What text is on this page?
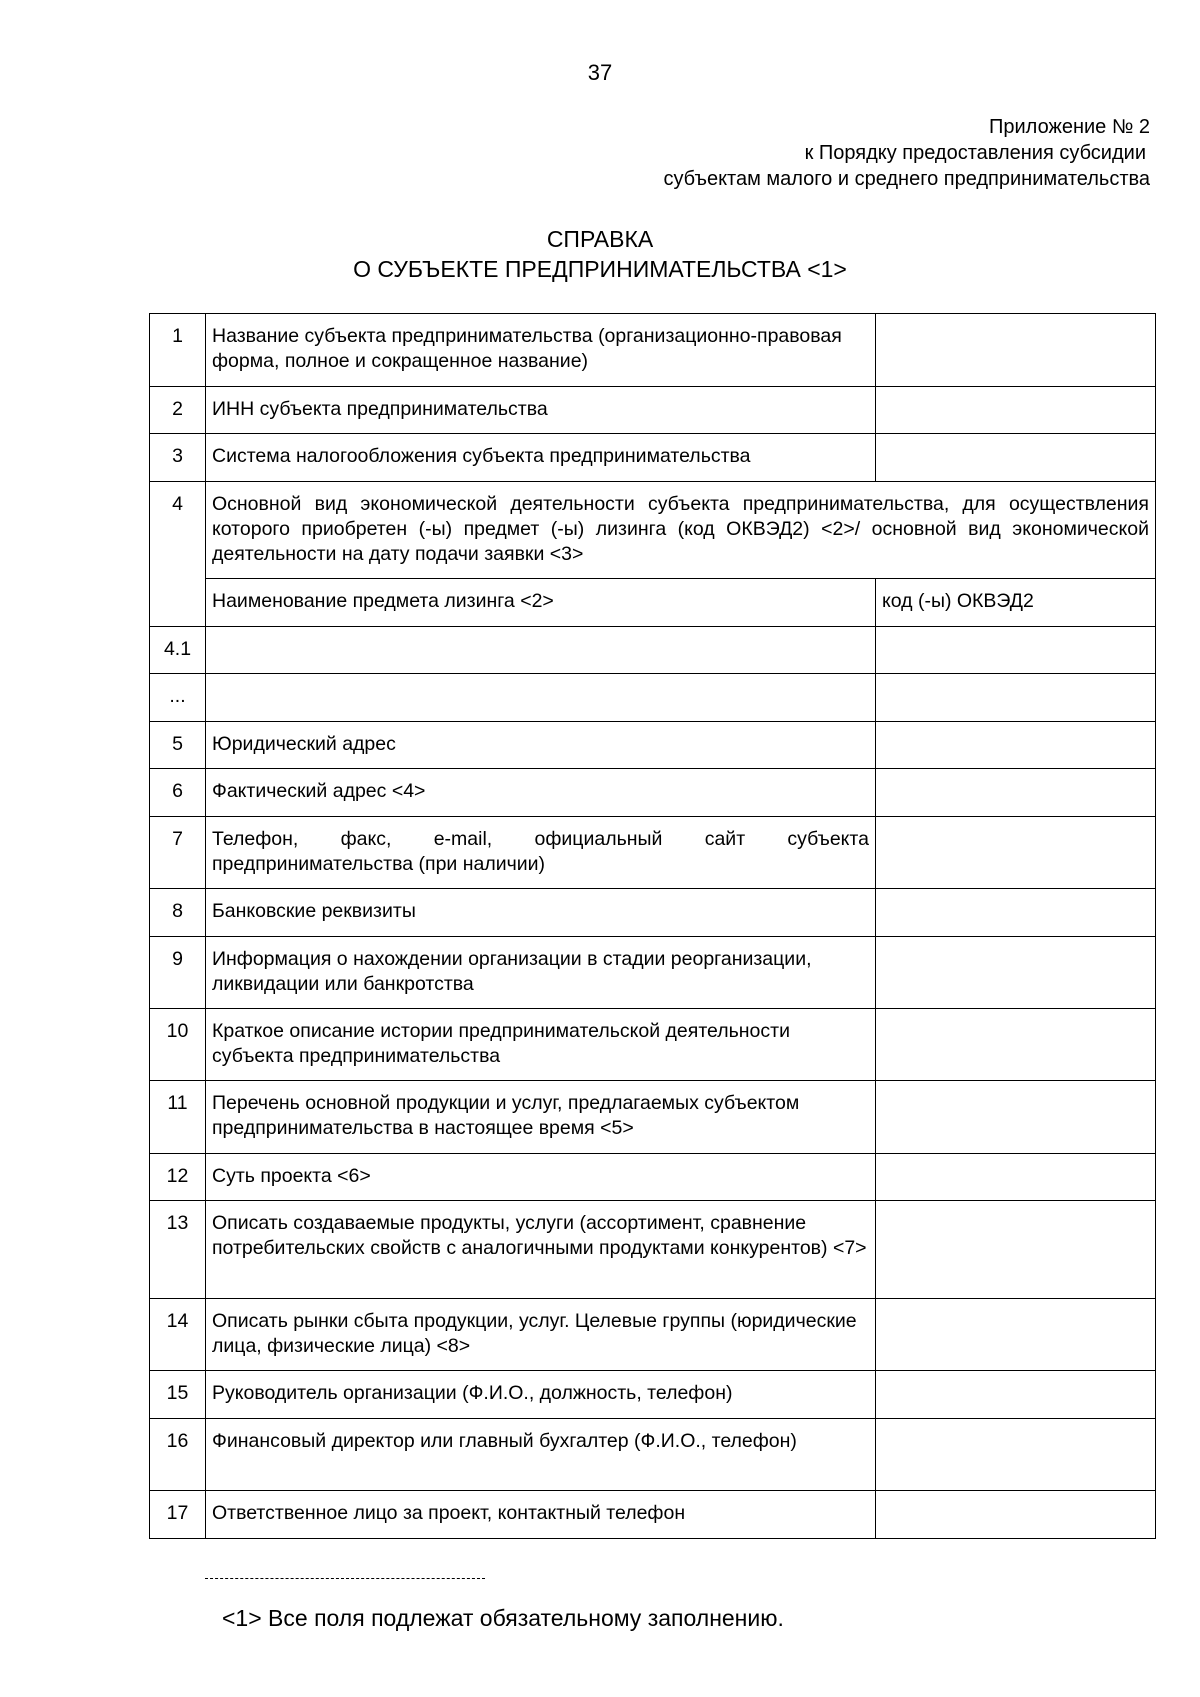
37
Приложение № 2
к Порядку предоставления субсидии
субъектам малого и среднего предпринимательства
СПРАВКА
О СУБЪЕКТЕ ПРЕДПРИНИМАТЕЛЬСТВА <1>
1	Название субъекта предпринимательства (организационно-правовая форма, полное и сокращенное название)	
2	ИНН субъекта предпринимательства	
3	Система налогообложения субъекта предпринимательства	
4	Основной вид экономической деятельности субъекта предпринимательства, для осуществления которого приобретен (-ы) предмет (-ы) лизинга (код ОКВЭД2) <2>/ основной вид экономической деятельности на дату подачи заявки <3>	
	Наименование предмета лизинга <2>	код (-ы) ОКВЭД2
4.1		
...		
5	Юридический адрес	
6	Фактический адрес <4>	
7	Телефон, факс, e-mail, официальный сайт субъекта предпринимательства (при наличии)	
8	Банковские реквизиты	
9	Информация о нахождении организации в стадии реорганизации, ликвидации или банкротства	
10	Краткое описание истории предпринимательской деятельности субъекта предпринимательства	
11	Перечень основной продукции и услуг, предлагаемых субъектом предпринимательства в настоящее время <5>	
12	Суть проекта <6>	
13	Описать создаваемые продукты, услуги (ассортимент, сравнение потребительских свойств с аналогичными продуктами конкурентов) <7>	
14	Описать рынки сбыта продукции, услуг. Целевые группы (юридические лица, физические лица) <8>	
15	Руководитель организации (Ф.И.О., должность, телефон)	
16	Финансовый директор или главный бухгалтер (Ф.И.О., телефон)	
17	Ответственное лицо за проект, контактный телефон	
<1> Все поля подлежат обязательному заполнению.
